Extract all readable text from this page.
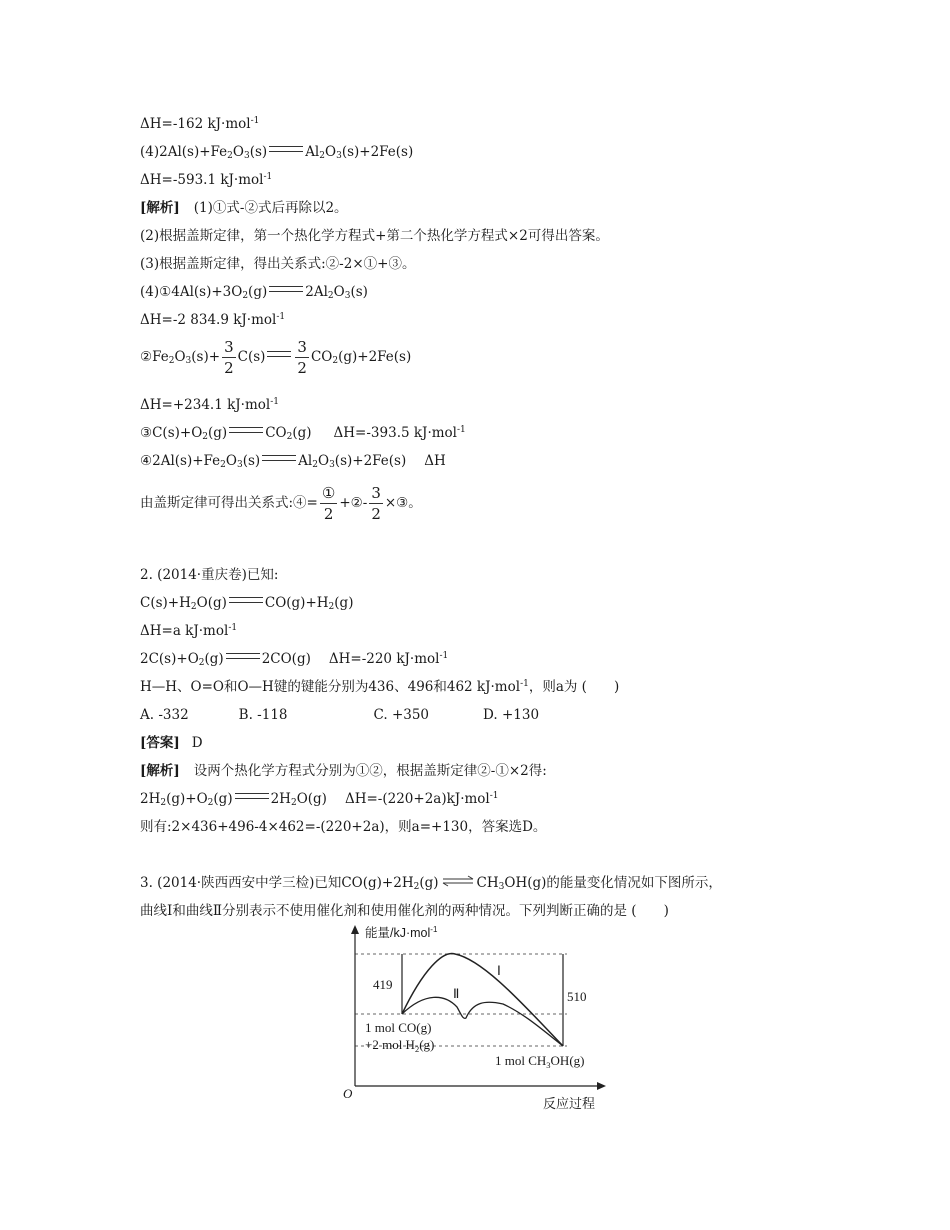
ΔH=-162 kJ·mol$^{-1}$
$(4)2Al(s)+Fe_2O_3(s)$	$Al_2O_3(s)+2Fe(s)$
ΔH=-593.1 kJ·mol$^{-1}$
[解析] (1)①式-②式后再除以2。
(2)根据盖斯定律，第一个热化学方程式+第二个热化学方程式×2可得出答案。
(3)根据盖斯定律，得出关系式:②-2×①+③。
$(4)①4Al(s)+3O_2(g)$	$2Al_2O_3(s)$
ΔH=-2 834.9 kJ·mol$^{-1}$
$②Fe_2O_3(s)+ \frac{3}{2} C(s) \frac{3}{2} CO_2(g)+2Fe(s)$
ΔH=+234.1 kJ·mol$^{-1}$
$③C(s)+O_2(g)$	$CO_2(g)$ ΔH=-393.5 kJ·mol$^{-1}$
$④2Al(s)+Fe_2O_3(s)$	$Al_2O_3(s)+2Fe(s)$ ΔH
由盖斯定律可得出关系式:④= $\frac{\text{①}}{2}$ +②- $\frac{3}{2}$ ×③。
2. (2014·重庆卷)已知:
$C(s)+H_2O(g)$	$CO(g)+H_2(g)$
ΔH=a kJ·mol$^{-1}$
$2C(s)+O_2(g)$	2CO(g) ΔH=-220 kJ·mol$^{-1}$
H—H、O=O和O—H键的键能分别为436、496和462 kJ·mol$^{-1}$，则a为 (　　)
A. -332	B. -118	C. +350	D. +130
[答案] D
[解析] 设两个热化学方程式分别为①②，根据盖斯定律②-①×2得:
$2H_2(g)+O_2(g)$	$2H_2O(g)$ ΔH=-(220+2a)kJ·mol$^{-1}$
则有:2×436+496-4×462=-(220+2a)，则a=+130，答案选D。
3. (2014·陕西西安中学三检)已知$CO(g)+2H_2(g)$ ⇌ $CH_3OH(g)$的能量变化情况如下图所示，
曲线Ⅰ和曲线Ⅱ分别表示不使用催化剂和使用催化剂的两种情况。下列判断正确的是 (　　)
能量/kJ·mol$^{-1}$
419
510
Ⅰ
Ⅱ
1 mol CO(g)
+2 mol $H_2(g)$
1 mol $CH_3OH(g)$
O
反应过程
